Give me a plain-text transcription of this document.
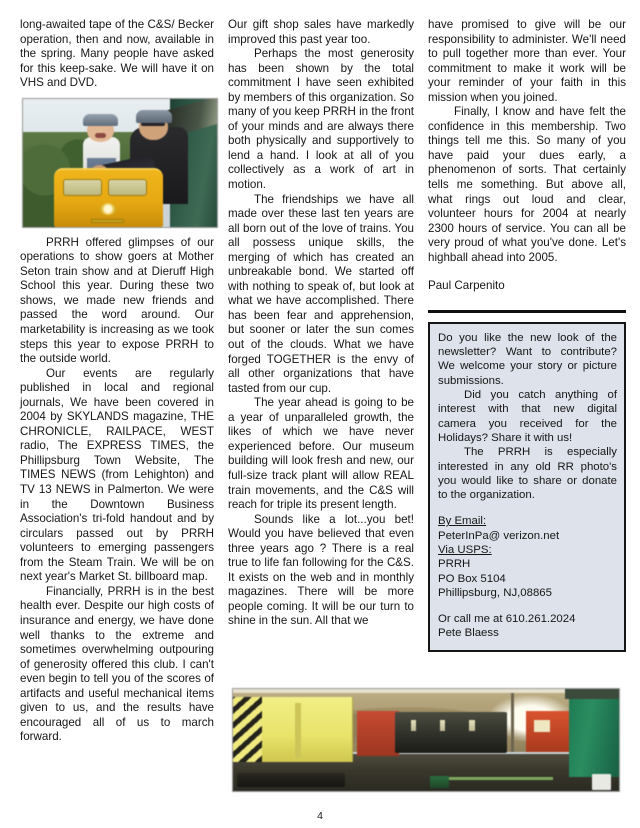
long-awaited tape of the C&S/ Becker operation, then and now, available in the spring. Many people have asked for this keep-sake. We will have it on VHS and DVD.

PRRH offered glimpses of our operations to show goers at Mother Seton train show and at Dieruff High School this year. During these two shows, we made new friends and passed the word around. Our marketability is increasing as we took steps this year to expose PRRH to the outside world.

Our events are regularly published in local and regional journals, We have been covered in 2004 by SKYLANDS magazine, THE CHRONICLE, RAILPACE, WEST radio, The EXPRESS TIMES, the Phillipsburg Town Website, The TIMES NEWS (from Lehighton) and TV 13 NEWS in Palmerton. We were in the Downtown Business Association's tri-fold handout and by circulars passed out by PRRH volunteers to emerging passengers from the Steam Train. We will be on next year's Market St. billboard map.

Financially, PRRH is in the best health ever. Despite our high costs of insurance and energy, we have done well thanks to the extreme and sometimes overwhelming outpouring of generosity offered this club. I can't even begin to tell you of the scores of artifacts and useful mechanical items given to us, and the results have encouraged all of us to march forward.

Our gift shop sales have markedly improved this past year too.

Perhaps the most generosity has been shown by the total commitment I have seen exhibited by members of this organization. So many of you keep PRRH in the front of your minds and are always there both physically and supportively to lend a hand. I look at all of you collectively as a work of art in motion.

The friendships we have all made over these last ten years are all born out of the love of trains. You all possess unique skills, the merging of which has created an unbreakable bond. We started off with nothing to speak of, but look at what we have accomplished. There has been fear and apprehension, but sooner or later the sun comes out of the clouds. What we have forged TOGETHER is the envy of all other organizations that have tasted from our cup.

The year ahead is going to be a year of unparalleled growth, the likes of which we have never experienced before. Our museum building will look fresh and new, our full-size track plant will allow REAL train movements, and the C&S will reach for triple its present length.

Sounds like a lot...you bet! Would you have believed that even three years ago ? There is a real true to life fan following for the C&S. It exists on the web and in monthly magazines. There will be more people coming. It will be our turn to shine in the sun. All that we

have promised to give will be our responsibility to administer. We'll need to pull together more than ever. Your commitment to make it work will be your reminder of your faith in this mission when you joined.

Finally, I know and have felt the confidence in this membership. Two things tell me this. So many of you have paid your dues early, a phenomenon of sorts. That certainly tells me something. But above all, what rings out loud and clear, volunteer hours for 2004 at nearly 2300 hours of service. You can all be very proud of what you've done. Let's highball ahead into 2005.

Paul Carpenito

Do you like the new look of the newsletter? Want to contribute? We welcome your story or picture submissions.

Did you catch anything of interest with that new digital camera you received for the Holidays? Share it with us!

The PRRH is especially interested in any old RR photo's you would like to share or donate to the organization.

By Email:

PeterInPa@ verizon.net

Via USPS:

PRRH

PO Box 5104

Phillipsburg, NJ,08865

Or call me at 610.261.2024

Pete Blaess

4
